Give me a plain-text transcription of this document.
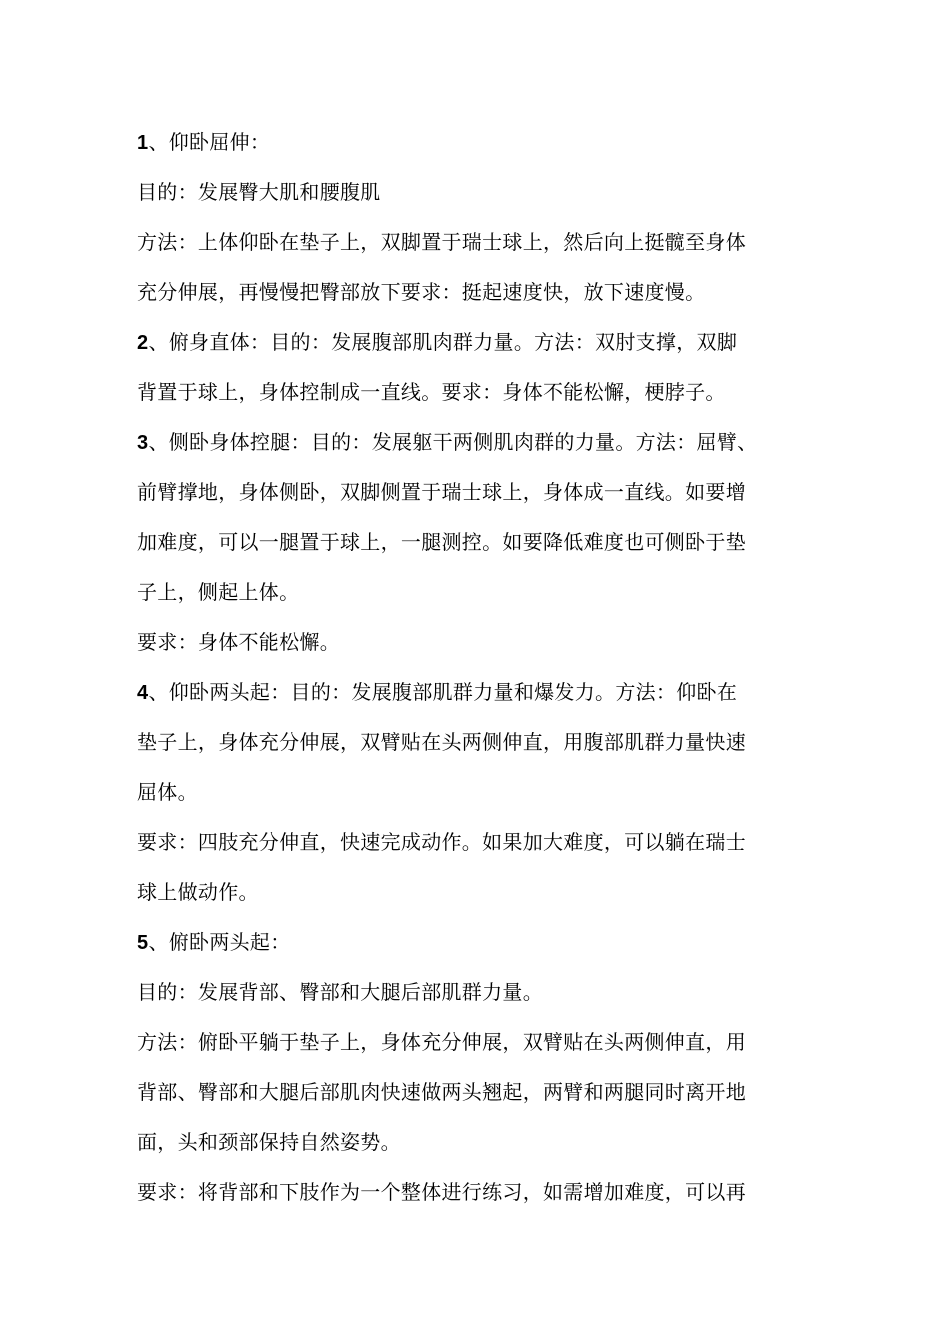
1、仰卧屈伸：
目的：发展臀大肌和腰腹肌
方法：上体仰卧在垫子上，双脚置于瑞士球上，然后向上挺髋至身体
充分伸展，再慢慢把臀部放下要求：挺起速度快，放下速度慢。
2、俯身直体：目的：发展腹部肌肉群力量。方法：双肘支撑，双脚
背置于球上，身体控制成一直线。要求：身体不能松懈，梗脖子。
3、侧卧身体控腿：目的：发展躯干两侧肌肉群的力量。方法：屈臂、
前臂撑地，身体侧卧，双脚侧置于瑞士球上，身体成一直线。如要增
加难度，可以一腿置于球上，一腿测控。如要降低难度也可侧卧于垫
子上，侧起上体。
要求：身体不能松懈。
4、仰卧两头起：目的：发展腹部肌群力量和爆发力。方法：仰卧在
垫子上，身体充分伸展，双臂贴在头两侧伸直，用腹部肌群力量快速
屈体。
要求：四肢充分伸直，快速完成动作。如果加大难度，可以躺在瑞士
球上做动作。
5、俯卧两头起：
目的：发展背部、臀部和大腿后部肌群力量。
方法：俯卧平躺于垫子上，身体充分伸展，双臂贴在头两侧伸直，用
背部、臀部和大腿后部肌肉快速做两头翘起，两臂和两腿同时离开地
面，头和颈部保持自然姿势。
要求：将背部和下肢作为一个整体进行练习，如需增加难度，可以再
